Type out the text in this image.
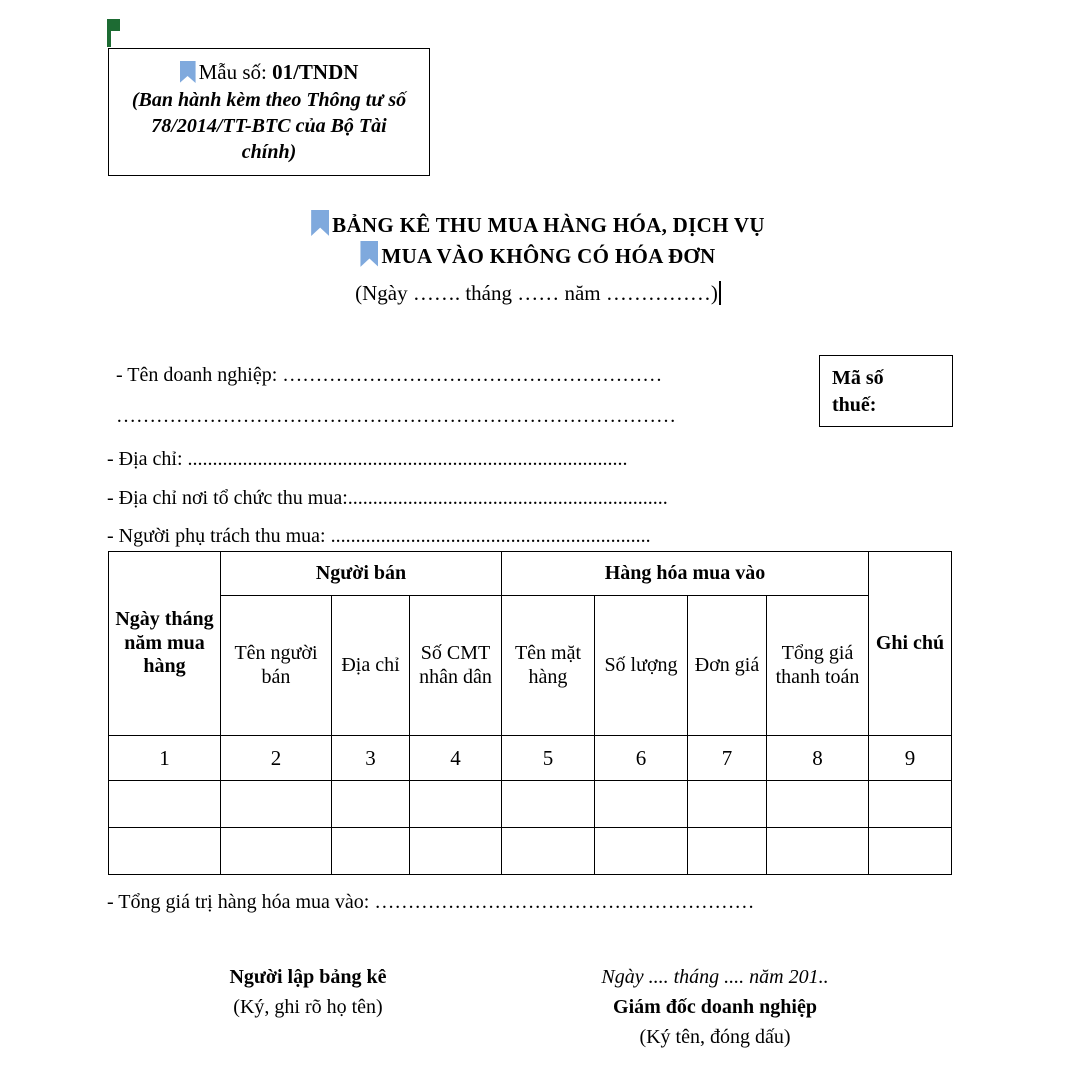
Mẫu số: 01/TNDN
(Ban hành kèm theo Thông tư số 78/2014/TT-BTC của Bộ Tài chính)
BẢNG KÊ THU MUA HÀNG HÓA, DỊCH VỤ
MUA VÀO KHÔNG CÓ HÓA ĐƠN
(Ngày ……. tháng …… năm ……………)
- Tên doanh nghiệp: …………………………………………………
…………………………………………………………………………
- Địa chỉ: ........................................................................................
- Địa chỉ nơi tổ chức thu mua:................................................................
- Người phụ trách thu mua: ................................................................
Mã số
thuế:
Ngày tháng năm mua hàng	Người bán			Hàng hóa mua vào				Ghi chú
	Tên người bán	Địa chỉ	Số CMT nhân dân	Tên mặt hàng	Số lượng	Đơn giá	Tổng giá thanh toán	
1	2	3	4	5	6	7	8	9

- Tổng giá trị hàng hóa mua vào: …………………………………………………
Người lập bảng kê
(Ký, ghi rõ họ tên)
Ngày .... tháng .... năm 201..
Giám đốc doanh nghiệp
(Ký tên, đóng dấu)
